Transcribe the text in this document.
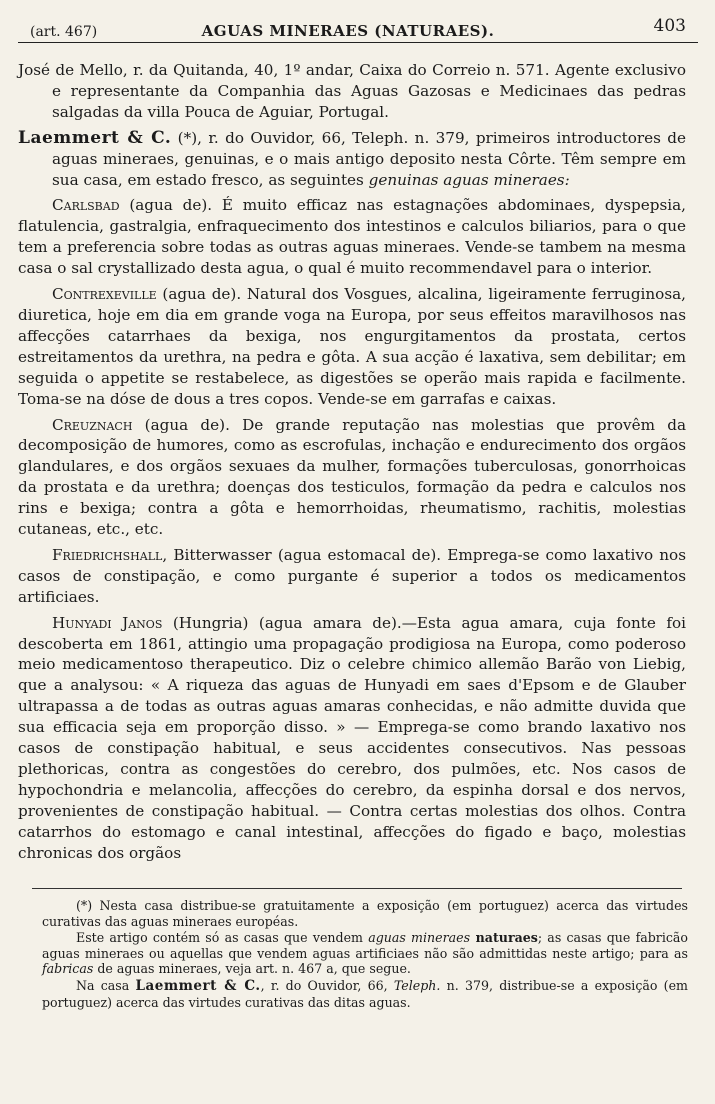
(art. 467)	AGUAS MINERAES (NATURAES).	403

José de Mello, r. da Quitanda, 40, 1º andar, Caixa do Correio n. 571. Agente exclusivo e representante da Companhia das Aguas Gazosas e Medicinaes das pedras salgadas da villa Pouca de Aguiar, Portugal.

Laemmert & C. (*), r. do Ouvidor, 66, Teleph. n. 379, primeiros introductores de aguas mineraes, genuinas, e o mais antigo deposito nesta Côrte. Têm sempre em sua casa, em estado fresco, as seguintes genuinas aguas mineraes:

Carlsbad (agua de). É muito efficaz nas estagnações abdominaes, dyspepsia, flatulencia, gastralgia, enfraquecimento dos intestinos e calculos biliarios, para o que tem a preferencia sobre todas as outras aguas mineraes. Vende-se tambem na mesma casa o sal crystallizado desta agua, o qual é muito recommendavel para o interior.

Contrexeville (agua de). Natural dos Vosgues, alcalina, ligeiramente ferruginosa, diuretica, hoje em dia em grande voga na Europa, por seus effeitos maravilhosos nas affecções catarrhaes da bexiga, nos engurgitamentos da prostata, certos estreitamentos da urethra, na pedra e gôta. A sua acção é laxativa, sem debilitar; em seguida o appetite se restabelece, as digestões se operão mais rapida e facilmente. Toma-se na dóse de dous a tres copos. Vende-se em garrafas e caixas.

Creuznach (agua de). De grande reputação nas molestias que provêm da decomposição de humores, como as escrofulas, inchação e endurecimento dos orgãos glandulares, e dos orgãos sexuaes da mulher, formações tuberculosas, gonorrhoicas da prostata e da urethra; doenças dos testiculos, formação da pedra e calculos nos rins e bexiga; contra a gôta e hemorrhoidas, rheumatismo, rachitis, molestias cutaneas, etc., etc.

Friedrichshall, Bitterwasser (agua estomacal de). Emprega-se como laxativo nos casos de constipação, e como purgante é superior a todos os medicamentos artificiaes.

Hunyadi Janos (Hungria) (agua amara de).—Esta agua amara, cuja fonte foi descoberta em 1861, attingio uma propagação prodigiosa na Europa, como poderoso meio medicamentoso therapeutico. Diz o celebre chimico allemão Barão von Liebig, que a analysou: « A riqueza das aguas de Hunyadi em saes d'Epsom e de Glauber ultrapassa a de todas as outras aguas amaras conhecidas, e não admitte duvida que sua efficacia seja em proporção disso. » — Emprega-se como brando laxativo nos casos de constipação habitual, e seus accidentes consecutivos. Nas pessoas plethoricas, contra as congestões do cerebro, dos pulmões, etc. Nos casos de hypochondria e melancolia, affecções do cerebro, da espinha dorsal e dos nervos, provenientes de constipação habitual. — Contra certas molestias dos olhos. Contra catarrhos do estomago e canal intestinal, affecções do figado e baço, molestias chronicas dos orgãos

(*) Nesta casa distribue-se gratuitamente a exposição (em portuguez) acerca das virtudes curativas das aguas mineraes européas.

Este artigo contém só as casas que vendem aguas mineraes naturaes; as casas que fabricão aguas mineraes ou aquellas que vendem aguas artificiaes não são admittidas neste artigo; para as fabricas de aguas mineraes, veja art. n. 467 a, que segue.

Na casa Laemmert & C., r. do Ouvidor, 66, Teleph. n. 379, distribue-se a exposição (em portuguez) acerca das virtudes curativas das ditas aguas.
